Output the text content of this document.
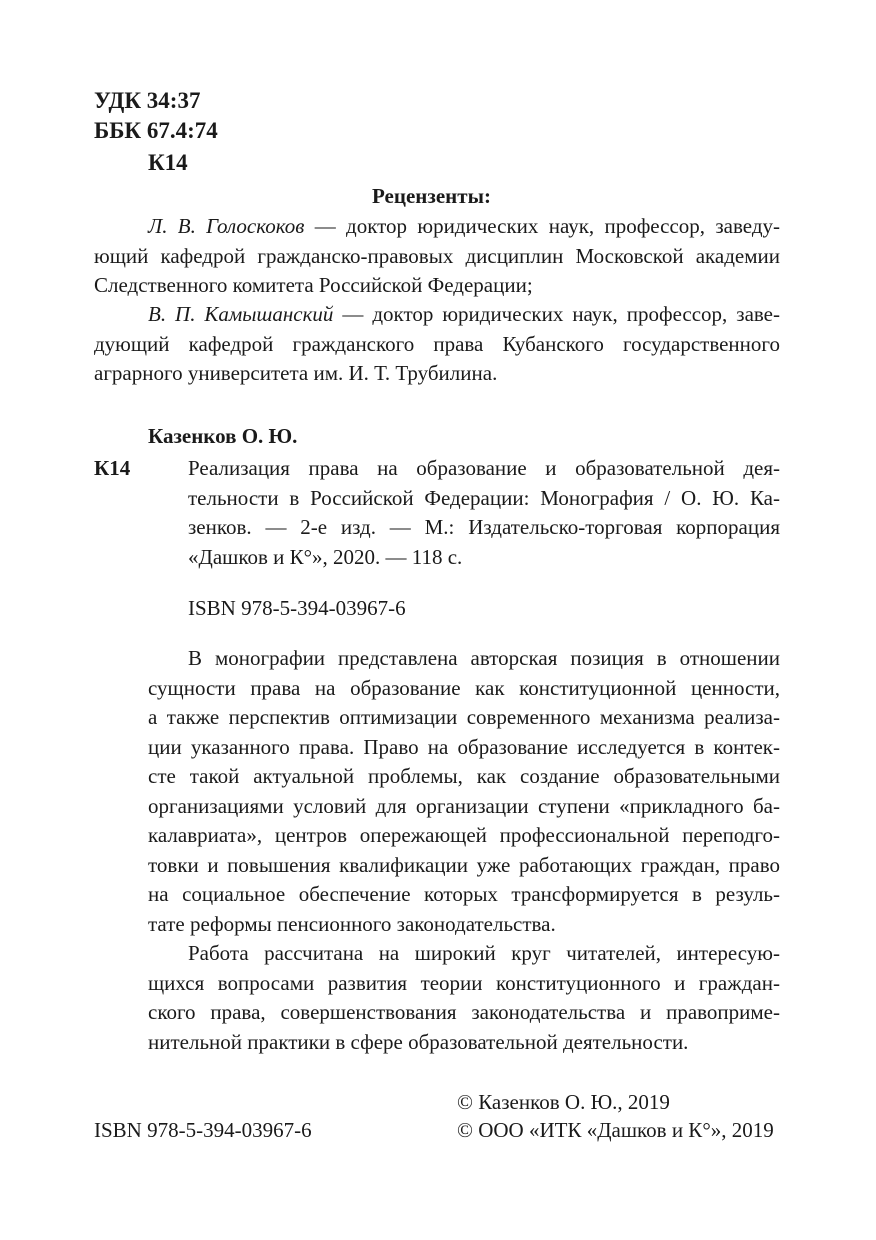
УДК 34:37
ББК 67.4:74
К14
Рецензенты:
Л. В. Голоскоков — доктор юридических наук, профессор, заведу-
ющий кафедрой гражданско-правовых дисциплин Московской академии
Следственного комитета Российской Федерации;
В. П. Камышанский — доктор юридических наук, профессор, заве-
дующий кафедрой гражданского права Кубанского государственного
аграрного университета им. И. Т. Трубилина.
Казенков О. Ю.
К14	Реализация права на образование и образовательной дея-
тельности в Российской Федерации: Монография / О. Ю. Ка-
зенков. — 2-е изд. — М.: Издательско-торговая корпорация
«Дашков и К°», 2020. — 118 с.
ISBN 978-5-394-03967-6
В монографии представлена авторская позиция в отношении
сущности права на образование как конституционной ценности,
а также перспектив оптимизации современного механизма реализа-
ции указанного права. Право на образование исследуется в контек-
сте такой актуальной проблемы, как создание образовательными
организациями условий для организации ступени «прикладного ба-
калавриата», центров опережающей профессиональной переподго-
товки и повышения квалификации уже работающих граждан, право
на социальное обеспечение которых трансформируется в резуль-
тате реформы пенсионного законодательства.
Работа рассчитана на широкий круг читателей, интересую-
щихся вопросами развития теории конституционного и граждан-
ского права, совершенствования законодательства и правоприме-
нительной практики в сфере образовательной деятельности.
© Казенков О. Ю., 2019
ISBN 978-5-394-03967-6	© ООО «ИТК «Дашков и К°», 2019
